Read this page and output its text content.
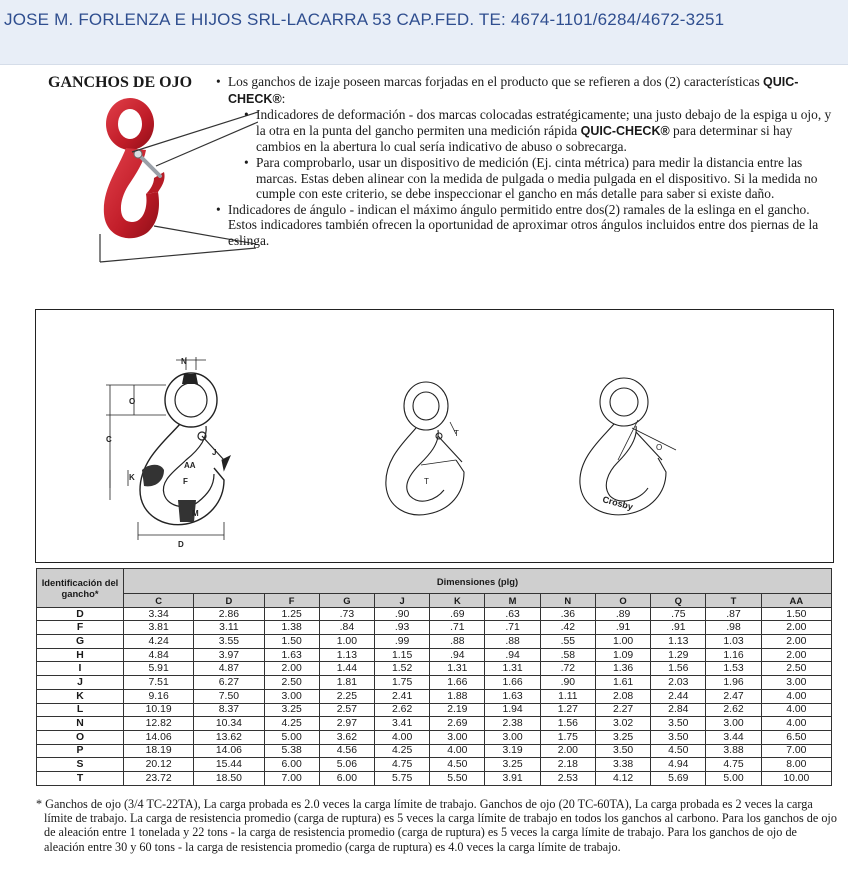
JOSE M. FORLENZA E HIJOS SRL-LACARRA 53 CAP.FED. TE: 4674-1101/6284/4672-3251
GANCHOS DE OJO	• Los ganchos de izaje poseen marcas forjadas en el producto que se refieren a dos (2) características QUIC-CHECK®:
• Indicadores de deformación - dos marcas colocadas estratégicamente; una justo debajo de la espiga u ojo, y la otra en la punta del gancho permiten una medición rápida QUIC-CHECK® para determinar si hay cambios en la abertura lo cual sería indicativo de abuso o sobrecarga.
• Para comprobarlo, usar un dispositivo de medición (Ej. cinta métrica) para medir la distancia entre las marcas. Estas deben alinear con la medida de pulgada o media pulgada en el dispositivo. Si la medida no cumple con este criterio, se debe inspeccionar el gancho en más detalle para saber si existe daño.
• Indicadores de ángulo - indican el máximo ángulo permitido entre dos(2) ramales de la eslinga en el gancho. Estos indicadores también ofrecen la oportunidad de aproximar otros ángulos incluidos entre dos piernas de la eslinga.
N
O
C
AA
J
K	F
M
D
T
T
Crosby
O
Identificación del gancho*	Dimensiones (plg)											
	C	D	F	G	J	K	M	N	O	Q	T	AA
D	3.34	2.86	1.25	.73	.90	.69	.63	.36	.89	.75	.87	1.50
F	3.81	3.11	1.38	.84	.93	.71	.71	.42	.91	.91	.98	2.00
G	4.24	3.55	1.50	1.00	.99	.88	.88	.55	1.00	1.13	1.03	2.00
H	4.84	3.97	1.63	1.13	1.15	.94	.94	.58	1.09	1.29	1.16	2.00
I	5.91	4.87	2.00	1.44	1.52	1.31	1.31	.72	1.36	1.56	1.53	2.50
J	7.51	6.27	2.50	1.81	1.75	1.66	1.66	.90	1.61	2.03	1.96	3.00
K	9.16	7.50	3.00	2.25	2.41	1.88	1.63	1.11	2.08	2.44	2.47	4.00
L	10.19	8.37	3.25	2.57	2.62	2.19	1.94	1.27	2.27	2.84	2.62	4.00
N	12.82	10.34	4.25	2.97	3.41	2.69	2.38	1.56	3.02	3.50	3.00	4.00
O	14.06	13.62	5.00	3.62	4.00	3.00	3.00	1.75	3.25	3.50	3.44	6.50
P	18.19	14.06	5.38	4.56	4.25	4.00	3.19	2.00	3.50	4.50	3.88	7.00
S	20.12	15.44	6.00	5.06	4.75	4.50	3.25	2.18	3.38	4.94	4.75	8.00
T	23.72	18.50	7.00	6.00	5.75	5.50	3.91	2.53	4.12	5.69	5.00	10.00
* Ganchos de ojo (3/4 TC-22TA), La carga probada es 2.0 veces la carga límite de trabajo. Ganchos de ojo (20 TC-60TA), La carga probada es 2 veces la carga límite de trabajo. La carga de resistencia promedio (carga de ruptura) es 5 veces la carga límite de trabajo en todos los ganchos al carbono. Para los ganchos de ojo de aleación entre 1 tonelada y 22 tons - la carga de resistencia promedio (carga de ruptura) es 5 veces la carga límite de trabajo. Para los ganchos de ojo de aleación entre 30 y 60 tons - la carga de resistencia promedio (carga de ruptura) es 4.0 veces la carga límite de trabajo.
